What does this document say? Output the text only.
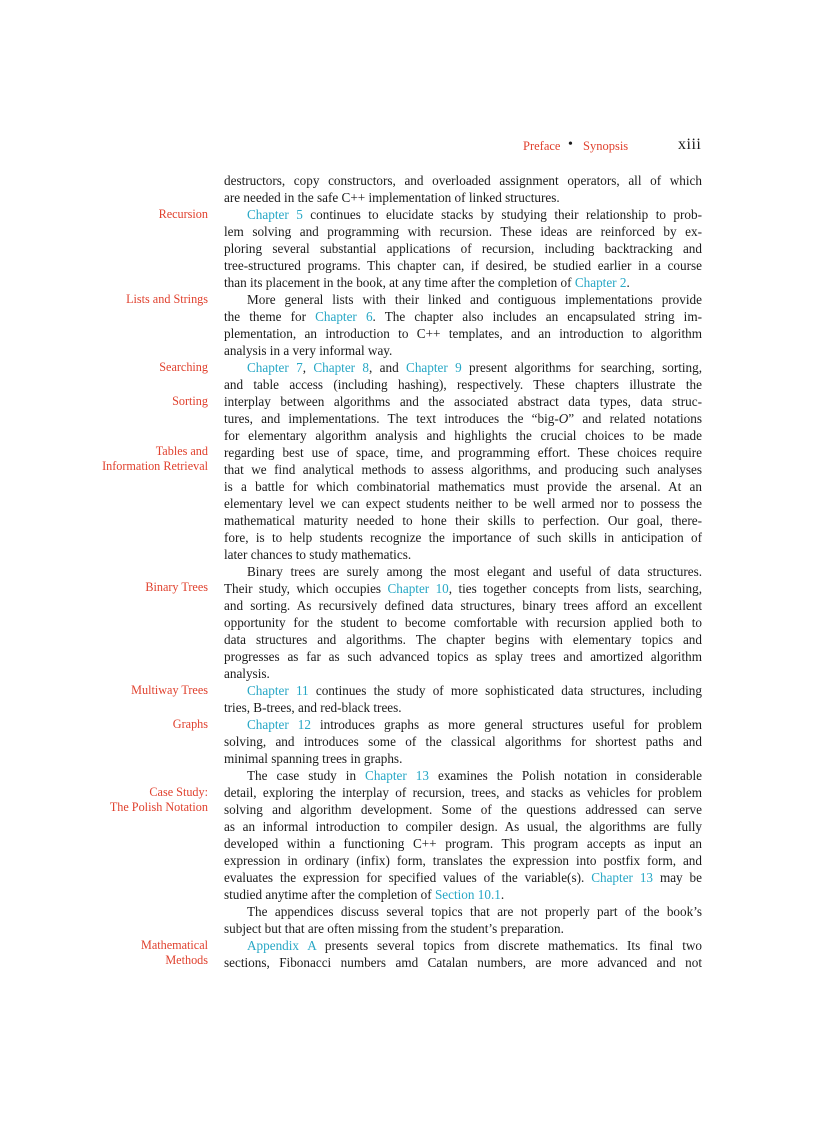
Preface • Synopsis	xiii
Recursion
Lists and Strings
Searching
Sorting
Tables and
Information Retrieval
Binary Trees
Multiway Trees
Graphs
Case Study:
The Polish Notation
Mathematical
Methods
destructors, copy constructors, and overloaded assignment operators, all of which
are needed in the safe C++ implementation of linked structures.
Chapter 5 continues to elucidate stacks by studying their relationship to prob-
lem solving and programming with recursion. These ideas are reinforced by ex-
ploring several substantial applications of recursion, including backtracking and
tree-structured programs. This chapter can, if desired, be studied earlier in a course
than its placement in the book, at any time after the completion of Chapter 2.
More general lists with their linked and contiguous implementations provide
the theme for Chapter 6. The chapter also includes an encapsulated string im-
plementation, an introduction to C++ templates, and an introduction to algorithm
analysis in a very informal way.
Chapter 7, Chapter 8, and Chapter 9 present algorithms for searching, sorting,
and table access (including hashing), respectively. These chapters illustrate the
interplay between algorithms and the associated abstract data types, data struc-
tures, and implementations. The text introduces the “big-O” and related notations
for elementary algorithm analysis and highlights the crucial choices to be made
regarding best use of space, time, and programming effort. These choices require
that we find analytical methods to assess algorithms, and producing such analyses
is a battle for which combinatorial mathematics must provide the arsenal. At an
elementary level we can expect students neither to be well armed nor to possess the
mathematical maturity needed to hone their skills to perfection. Our goal, there-
fore, is to help students recognize the importance of such skills in anticipation of
later chances to study mathematics.
Binary trees are surely among the most elegant and useful of data structures.
Their study, which occupies Chapter 10, ties together concepts from lists, searching,
and sorting. As recursively defined data structures, binary trees afford an excellent
opportunity for the student to become comfortable with recursion applied both to
data structures and algorithms. The chapter begins with elementary topics and
progresses as far as such advanced topics as splay trees and amortized algorithm
analysis.
Chapter 11 continues the study of more sophisticated data structures, including
tries, B-trees, and red-black trees.
Chapter 12 introduces graphs as more general structures useful for problem
solving, and introduces some of the classical algorithms for shortest paths and
minimal spanning trees in graphs.
The case study in Chapter 13 examines the Polish notation in considerable
detail, exploring the interplay of recursion, trees, and stacks as vehicles for problem
solving and algorithm development. Some of the questions addressed can serve
as an informal introduction to compiler design. As usual, the algorithms are fully
developed within a functioning C++ program. This program accepts as input an
expression in ordinary (infix) form, translates the expression into postfix form, and
evaluates the expression for specified values of the variable(s). Chapter 13 may be
studied anytime after the completion of Section 10.1.
The appendices discuss several topics that are not properly part of the book’s
subject but that are often missing from the student’s preparation.
Appendix A presents several topics from discrete mathematics. Its final two
sections, Fibonacci numbers amd Catalan numbers, are more advanced and not
